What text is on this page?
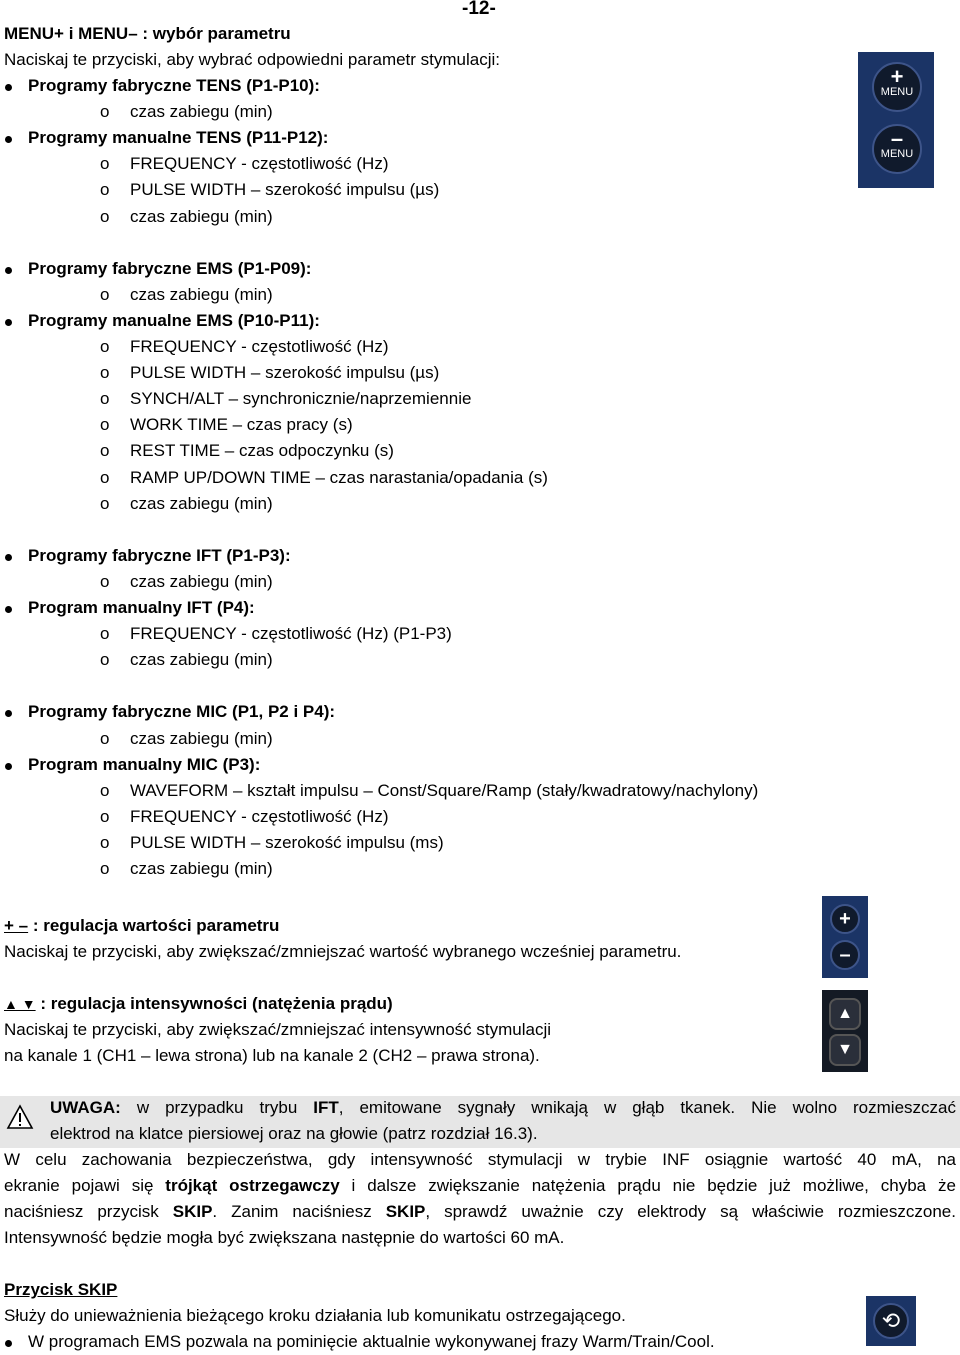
-12-
MENU+ i MENU– : wybór parametru
Naciskaj te przyciski, aby wybrać odpowiedni parametr stymulacji:
Programy fabryczne TENS (P1-P10):
o czas zabiegu (min)
Programy manualne TENS (P11-P12):
o FREQUENCY - częstotliwość (Hz)
o PULSE WIDTH – szerokość impulsu (µs)
o czas zabiegu (min)
Programy fabryczne EMS (P1-P09):
o czas zabiegu (min)
Programy manualne EMS (P10-P11):
o FREQUENCY - częstotliwość (Hz)
o PULSE WIDTH – szerokość impulsu (µs)
o SYNCH/ALT – synchronicznie/naprzemiennie
o WORK TIME – czas pracy (s)
o REST TIME – czas odpoczynku (s)
o RAMP UP/DOWN TIME – czas narastania/opadania (s)
o czas zabiegu (min)
Programy fabryczne IFT (P1-P3):
o czas zabiegu (min)
Program manualny IFT (P4):
o FREQUENCY - częstotliwość (Hz) (P1-P3)
o czas zabiegu (min)
Programy fabryczne MIC (P1, P2 i P4):
o czas zabiegu (min)
Program manualny MIC (P3):
o WAVEFORM – kształt impulsu – Const/Square/Ramp (stały/kwadratowy/nachylony)
o FREQUENCY - częstotliwość (Hz)
o PULSE WIDTH – szerokość impulsu (ms)
o czas zabiegu (min)
+
MENU
–
MENU
+ – : regulacja wartości parametru
Naciskaj te przyciski, aby zwiększać/zmniejszać wartość wybranego wcześniej parametru.
+
–
▲ ▼ : regulacja intensywności (natężenia prądu)
Naciskaj te przyciski, aby zwiększać/zmniejszać intensywność stymulacji
na kanale 1 (CH1 – lewa strona) lub na kanale 2 (CH2 – prawa strona).
▲
▼
UWAGA: w przypadku trybu IFT, emitowane sygnały wnikają w głąb tkanek. Nie wolno rozmieszczać
elektrod na klatce piersiowej oraz na głowie (patrz rozdział 16.3).
W celu zachowania bezpieczeństwa, gdy intensywność stymulacji w trybie INF osiągnie wartość 40 mA, na
ekranie pojawi się trójkąt ostrzegawczy i dalsze zwiększanie natężenia prądu nie będzie już możliwe, chyba że
naciśniesz przycisk SKIP. Zanim naciśniesz SKIP, sprawdź uważnie czy elektrody są właściwie rozmieszczone.
Intensywność będzie mogła być zwiększana następnie do wartości 60 mA.
Przycisk SKIP
Służy do unieważnienia bieżącego kroku działania lub komunikatu ostrzegającego.
W programach EMS pozwala na pominięcie aktualnie wykonywanej frazy Warm/Train/Cool.
⟲
